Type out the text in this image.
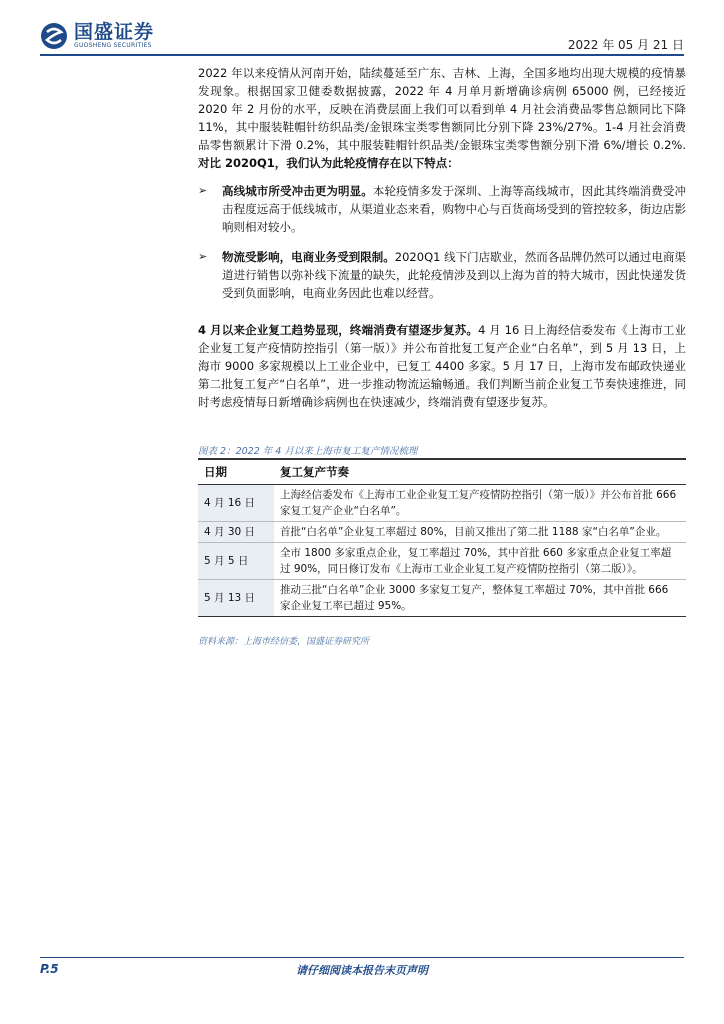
国盛证券
GUOSHENG SECURITIES	2022 年 05 月 21 日
2022 年以来疫情从河南开始，陆续蔓延至广东、吉林、上海，全国多地均出现大规模的疫情暴发现象。根据国家卫健委数据披露，2022 年 4 月单月新增确诊病例 65000 例，已经接近 2020 年 2 月份的水平，反映在消费层面上我们可以看到单 4 月社会消费品零售总额同比下降 11%，其中服装鞋帽针纺织品类/金银珠宝类零售额同比分别下降 23%/27%。1-4 月社会消费品零售额累计下滑 0.2%，其中服装鞋帽针织品类/金银珠宝类零售额分别下滑 6%/增长 0.2%.对比 2020Q1，我们认为此轮疫情存在以下特点：
➢ 高线城市所受冲击更为明显。本轮疫情多发于深圳、上海等高线城市，因此其终端消费受冲击程度远高于低线城市，从渠道业态来看，购物中心与百货商场受到的管控较多，街边店影响则相对较小。
➢ 物流受影响，电商业务受到限制。2020Q1 线下门店歇业，然而各品牌仍然可以通过电商渠道进行销售以弥补线下流量的缺失，此轮疫情涉及到以上海为首的特大城市，因此快递发货受到负面影响，电商业务因此也难以经营。
4 月以来企业复工趋势显现，终端消费有望逐步复苏。4 月 16 日上海经信委发布《上海市工业企业复工复产疫情防控指引（第一版）》并公布首批复工复产企业“白名单”，到 5 月 13 日，上海市 9000 多家规模以上工业企业中，已复工 4400 多家。5 月 17 日，上海市发布邮政快递业第二批复工复产“白名单”，进一步推动物流运输畅通。我们判断当前企业复工节奏快速推进，同时考虑疫情每日新增确诊病例也在快速减少，终端消费有望逐步复苏。
图表 2：2022 年 4 月以来上海市复工复产情况梳理
日期	复工复产节奏
4 月 16 日	上海经信委发布《上海市工业企业复工复产疫情防控指引（第一版）》并公布首批 666 家复工复产企业“白名单”。
4 月 30 日	首批“白名单”企业复工率超过 80%，目前又推出了第二批 1188 家“白名单”企业。
5 月 5 日	全市 1800 多家重点企业，复工率超过 70%，其中首批 660 多家重点企业复工率超过 90%，同日修订发布《上海市工业企业复工复产疫情防控指引（第二版）》。
5 月 13 日	推动三批“白名单”企业 3000 多家复工复产，整体复工率超过 70%，其中首批 666 家企业复工率已超过 95%。
资料来源：上海市经信委，国盛证券研究所
P.5	请仔细阅读本报告末页声明
